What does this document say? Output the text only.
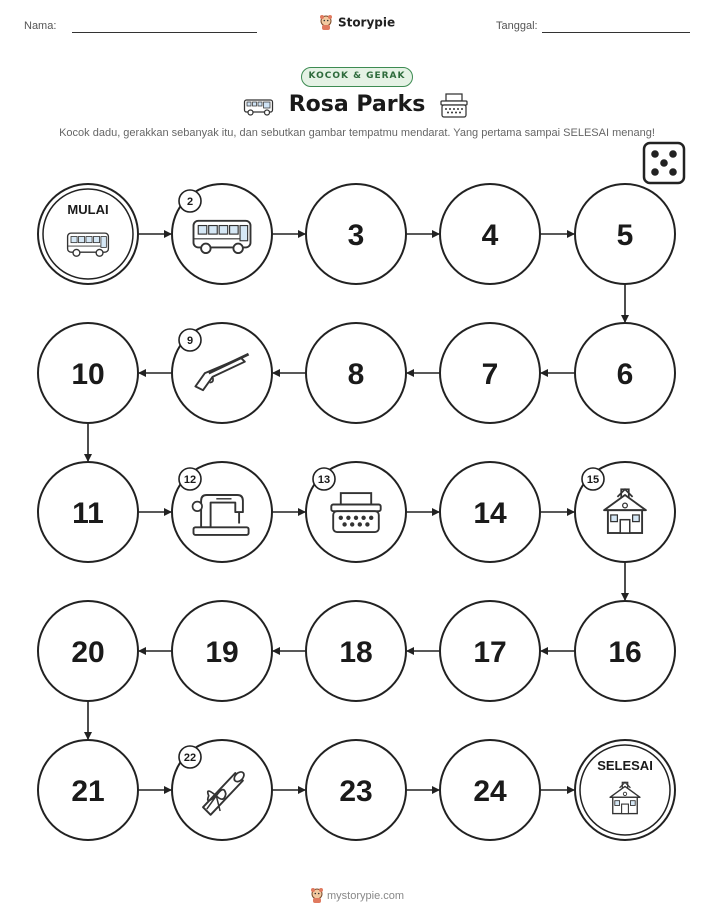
Nama:	Storypie	Tanggal:
KOCOK & GERAK
Rosa Parks
Kocok dadu, gerakkan sebanyak itu, dan sebutkan gambar tempatmu mendarat. Yang pertama sampai SELESAI menang!
MULAI	2
3	4	5
6
7
8
9
10
11
12	13
14
15
16
17
18
19
20
21
22
23	24
SELESAI
mystorypie.com
